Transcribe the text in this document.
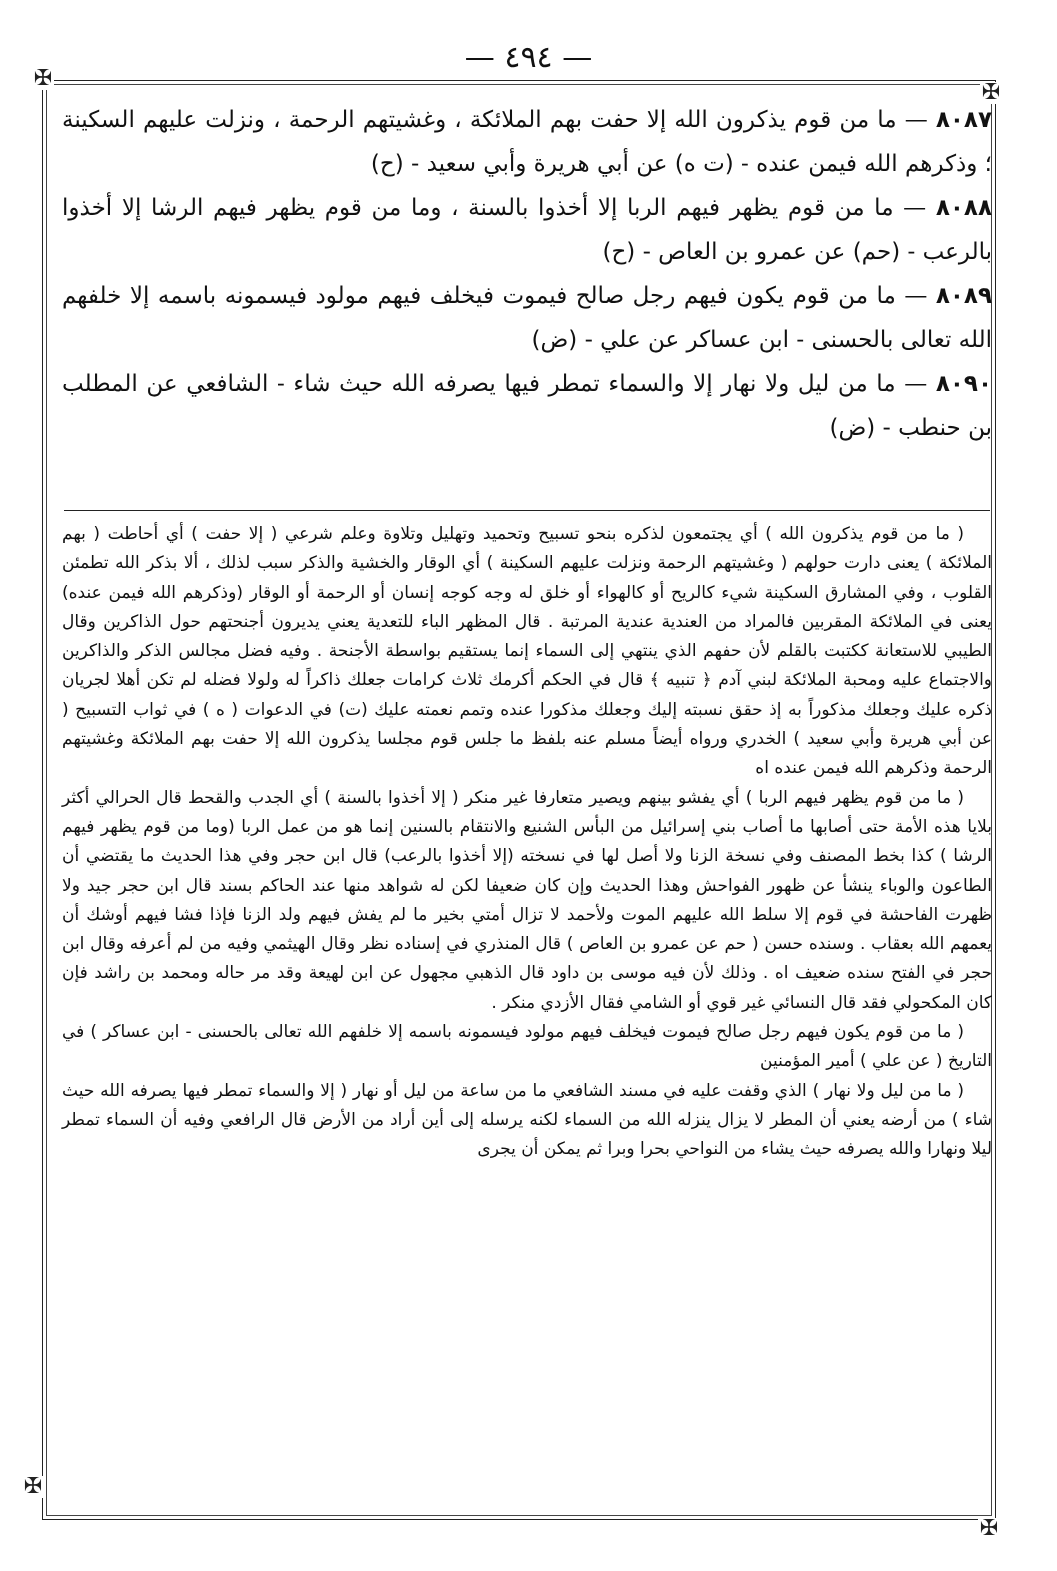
— ٤٩٤ —
✠
✠
✠
✠
٨٠٨٧ — ما من قوم يذكرون الله إلا حفت بهم الملائكة ، وغشيتهم الرحمة ، ونزلت عليهم السكينة ؛ وذكرهم الله فيمن عنده - (ت ه) عن أبي هريرة وأبي سعيد - (ح)
٨٠٨٨ — ما من قوم يظهر فيهم الربا إلا أخذوا بالسنة ، وما من قوم يظهر فيهم الرشا إلا أخذوا بالرعب - (حم) عن عمرو بن العاص - (ح)
٨٠٨٩ — ما من قوم يكون فيهم رجل صالح فيموت فيخلف فيهم مولود فيسمونه باسمه إلا خلفهم الله تعالى بالحسنى - ابن عساكر عن علي - (ض)
٨٠٩٠ — ما من ليل ولا نهار إلا والسماء تمطر فيها يصرفه الله حيث شاء - الشافعي عن المطلب بن حنطب - (ض)

( ما من قوم يذكرون الله ) أي يجتمعون لذكره بنحو تسبيح وتحميد وتهليل وتلاوة وعلم شرعي ( إلا حفت ) أي أحاطت ( بهم الملائكة ) يعنى دارت حولهم ( وغشيتهم الرحمة ونزلت عليهم السكينة ) أي الوقار والخشية والذكر سبب لذلك ، ألا بذكر الله تطمئن القلوب ، وفي المشارق السكينة شيء كالريح أو كالهواء أو خلق له وجه كوجه إنسان أو الرحمة أو الوقار (وذكرهم الله فيمن عنده) يعنى في الملائكة المقربين فالمراد من العندية عندية المرتبة . قال المظهر الباء للتعدية يعني يديرون أجنحتهم حول الذاكرين وقال الطيبي للاستعانة ككتبت بالقلم لأن حفهم الذي ينتهي إلى السماء إنما يستقيم بواسطة الأجنحة . وفيه فضل مجالس الذكر والذاكرين والاجتماع عليه ومحبة الملائكة لبني آدم ﴿ تنبيه ﴾ قال في الحكم أكرمك ثلاث كرامات جعلك ذاكراً له ولولا فضله لم تكن أهلا لجريان ذكره عليك وجعلك مذكوراً به إذ حقق نسبته إليك وجعلك مذكورا عنده وتمم نعمته عليك (ت) في الدعوات ( ه ) في ثواب التسبيح ( عن أبي هريرة وأبي سعيد ) الخدري ورواه أيضاً مسلم عنه بلفظ ما جلس قوم مجلسا يذكرون الله إلا حفت بهم الملائكة وغشيتهم الرحمة وذكرهم الله فيمن عنده اه

( ما من قوم يظهر فيهم الربا ) أي يفشو بينهم ويصير متعارفا غير منكر ( إلا أخذوا بالسنة ) أي الجدب والقحط قال الحرالي أكثر بلايا هذه الأمة حتى أصابها ما أصاب بني إسرائيل من البأس الشنيع والانتقام بالسنين إنما هو من عمل الربا (وما من قوم يظهر فيهم الرشا ) كذا بخط المصنف وفي نسخة الزنا ولا أصل لها في نسخته (إلا أخذوا بالرعب) قال ابن حجر وفي هذا الحديث ما يقتضي أن الطاعون والوباء ينشأ عن ظهور الفواحش وهذا الحديث وإن كان ضعيفا لكن له شواهد منها عند الحاكم بسند قال ابن حجر جيد ولا ظهرت الفاحشة في قوم إلا سلط الله عليهم الموت ولأحمد لا تزال أمتي بخير ما لم يفش فيهم ولد الزنا فإذا فشا فيهم أوشك أن يعمهم الله بعقاب . وسنده حسن ( حم عن عمرو بن العاص ) قال المنذري في إسناده نظر وقال الهيثمي وفيه من لم أعرفه وقال ابن حجر في الفتح سنده ضعيف اه . وذلك لأن فيه موسى بن داود قال الذهبي مجهول عن ابن لهيعة وقد مر حاله ومحمد بن راشد فإن كان المكحولي فقد قال النسائي غير قوي أو الشامي فقال الأزدي منكر .

( ما من قوم يكون فيهم رجل صالح فيموت فيخلف فيهم مولود فيسمونه باسمه إلا خلفهم الله تعالى بالحسنى - ابن عساكر ) في التاريخ ( عن علي ) أمير المؤمنين

( ما من ليل ولا نهار ) الذي وقفت عليه في مسند الشافعي ما من ساعة من ليل أو نهار ( إلا والسماء تمطر فيها يصرفه الله حيث شاء ) من أرضه يعني أن المطر لا يزال ينزله الله من السماء لكنه يرسله إلى أين أراد من الأرض قال الرافعي وفيه أن السماء تمطر ليلا ونهارا والله يصرفه حيث يشاء من النواحي بحرا وبرا ثم يمكن أن يجرى
